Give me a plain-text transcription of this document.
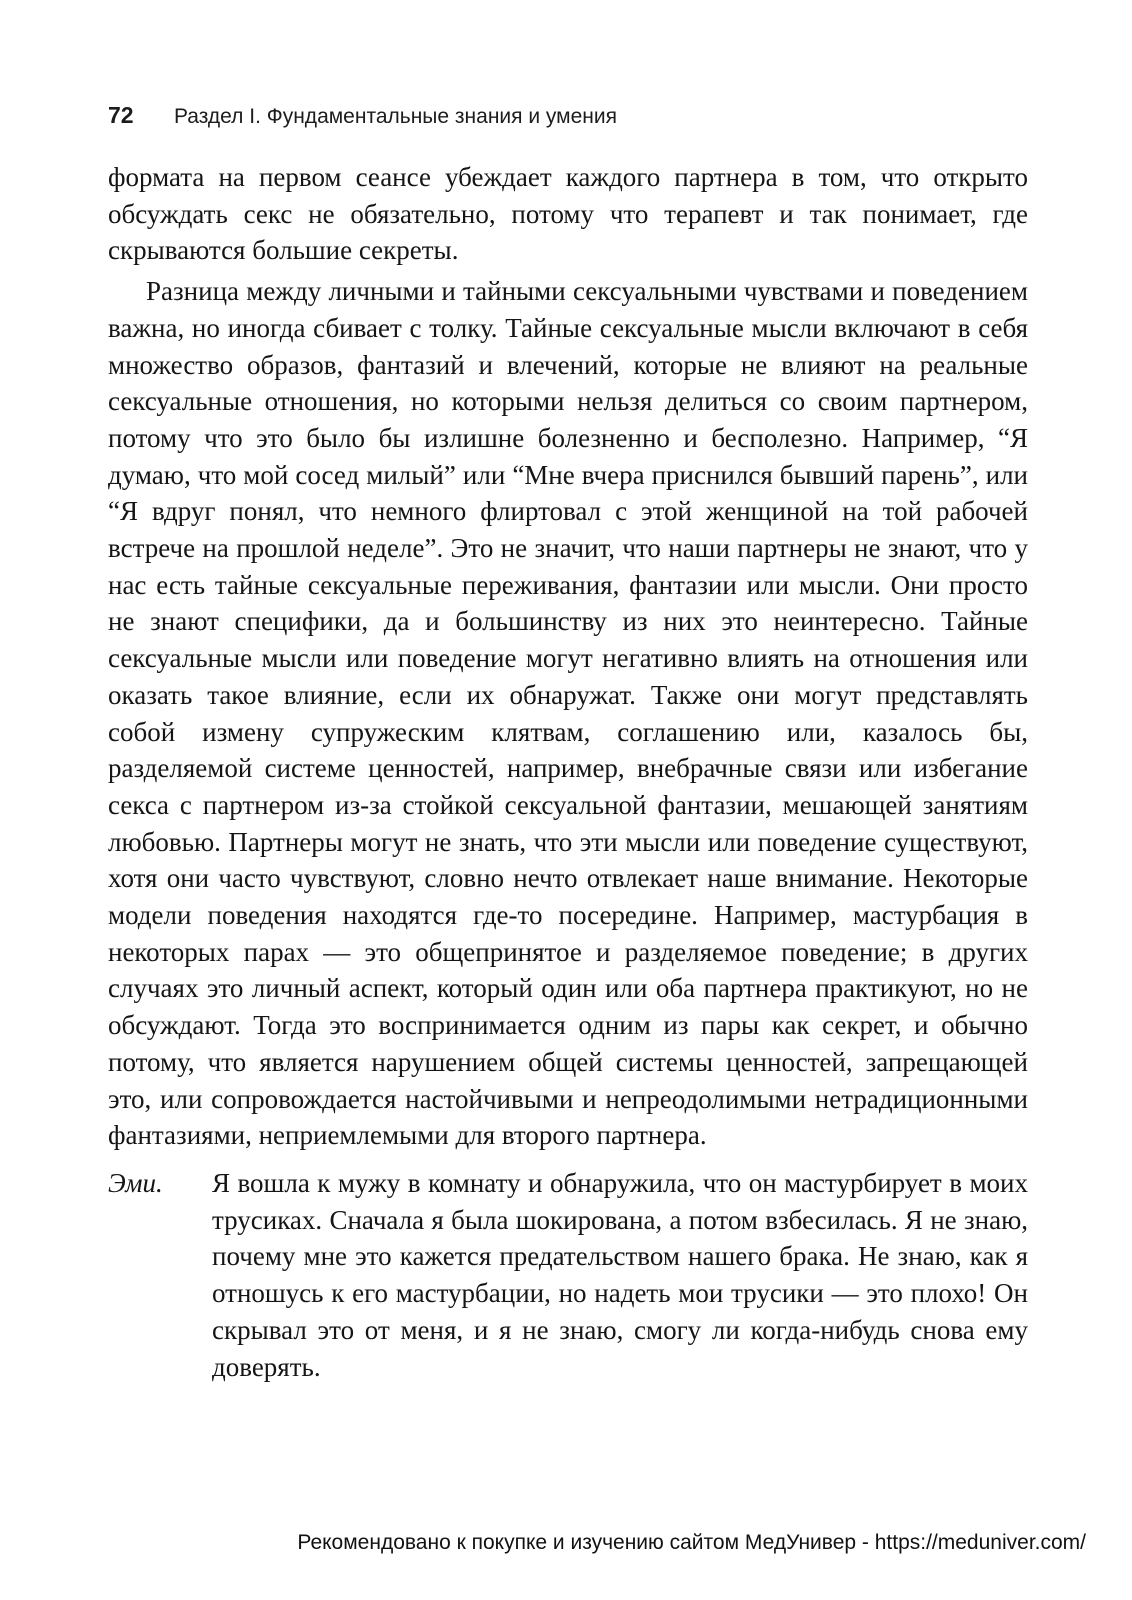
72 Раздел I. Фундаментальные знания и умения

формата на первом сеансе убеждает каждого партнера в том, что открыто обсуждать секс не обязательно, потому что терапевт и так понимает, где скрываются большие секреты.

Разница между личными и тайными сексуальными чувствами и поведением важна, но иногда сбивает с толку. Тайные сексуальные мысли включают в себя множество образов, фантазий и влечений, которые не влияют на реальные сексуальные отношения, но которыми нельзя делиться со своим партнером, потому что это было бы излишне болезненно и бесполезно. Например, “Я думаю, что мой сосед милый” или “Мне вчера приснился бывший парень”, или “Я вдруг понял, что немного флиртовал с этой женщиной на той рабочей встрече на прошлой неделе”. Это не значит, что наши партнеры не знают, что у нас есть тайные сексуальные переживания, фантазии или мысли. Они просто не знают специфики, да и большинству из них это неинтересно. Тайные сексуальные мысли или поведение могут негативно влиять на отношения или оказать такое влияние, если их обнаружат. Также они могут представлять собой измену супружеским клятвам, соглашению или, казалось бы, разделяемой системе ценностей, например, внебрачные связи или избегание секса с партнером из-за стойкой сексуальной фантазии, мешающей занятиям любовью. Партнеры могут не знать, что эти мысли или поведение существуют, хотя они часто чувствуют, словно нечто отвлекает наше внимание. Некоторые модели поведения находятся где-то посередине. Например, мастурбация в некоторых парах — это общепринятое и разделяемое поведение; в других случаях это личный аспект, который один или оба партнера практикуют, но не обсуждают. Тогда это воспринимается одним из пары как секрет, и обычно потому, что является нарушением общей системы ценностей, запрещающей это, или сопровождается настойчивыми и непреодолимыми нетрадиционными фантазиями, неприемлемыми для второго партнера.

Эми. Я вошла к мужу в комнату и обнаружила, что он мастурбирует в моих трусиках. Сначала я была шокирована, а потом взбесилась. Я не знаю, почему мне это кажется предательством нашего брака. Не знаю, как я отношусь к его мастурбации, но надеть мои трусики — это плохо! Он скрывал это от меня, и я не знаю, смогу ли когда-нибудь снова ему доверять.

Рекомендовано к покупке и изучению сайтом МедУнивер - https://meduniver.com/
